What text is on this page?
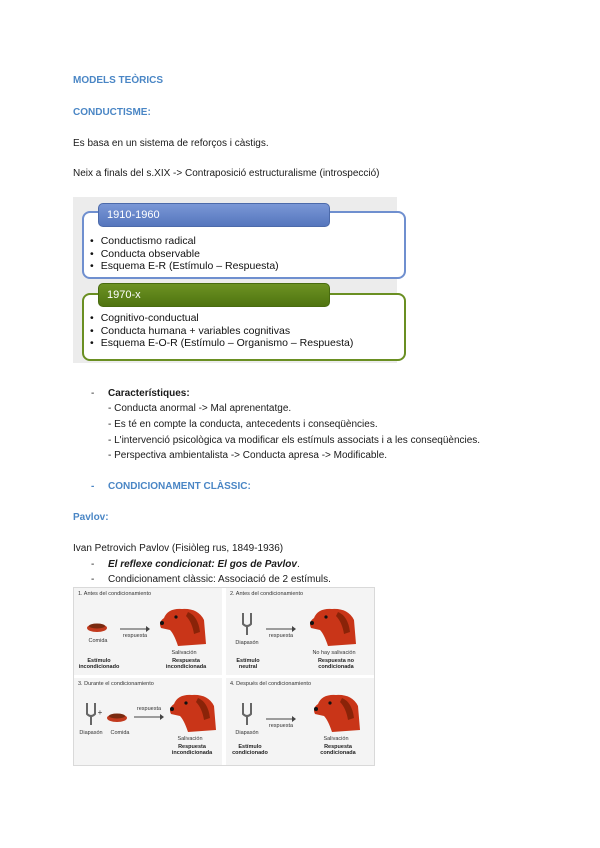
MODELS TEÒRICS
CONDUCTISME:
Es basa en un sistema de reforços i càstigs.
Neix a finals del s.XIX -> Contraposició estructuralisme (introspecció)
• Conductismo radical
• Conducta observable
• Esquema E-R (Estímulo – Respuesta)
1910-1960
• Cognitivo-conductual
• Conducta humana + variables cognitivas
• Esquema E-O-R (Estímulo – Organismo – Respuesta)
1970-x
- Característiques:
- Conducta anormal -> Mal aprenentatge.
- Es té en compte la conducta, antecedents i conseqüències.
- L'intervenció psicològica va modificar els estímuls associats i a les conseqüències.
- Perspectiva ambientalista -> Conducta apresa -> Modificable.
- CONDICIONAMENT CLÀSSIC:
Pavlov:
Ivan Petrovich Pavlov (Fisiòleg rus, 1849-1936)
- El reflexe condicionat: El gos de Pavlov.
- Condicionament clàssic: Associació de 2 estímuls.
1. Antes del condicionamiento
respuesta
Comida
Salivación
Estímulo incondicionado
Respuesta incondicionada
2. Antes del condicionamiento
respuesta
Diapasón
No hay salivación
Estímulo neutral
Respuesta no condicionada
3. Durante el condicionamiento
+	respuesta
Diapasón	Comida
Salivación
Respuesta incondicionada
4. Después del condicionamiento
respuesta
Diapasón
Salivación
Estímulo condicionado
Respuesta condicionada
